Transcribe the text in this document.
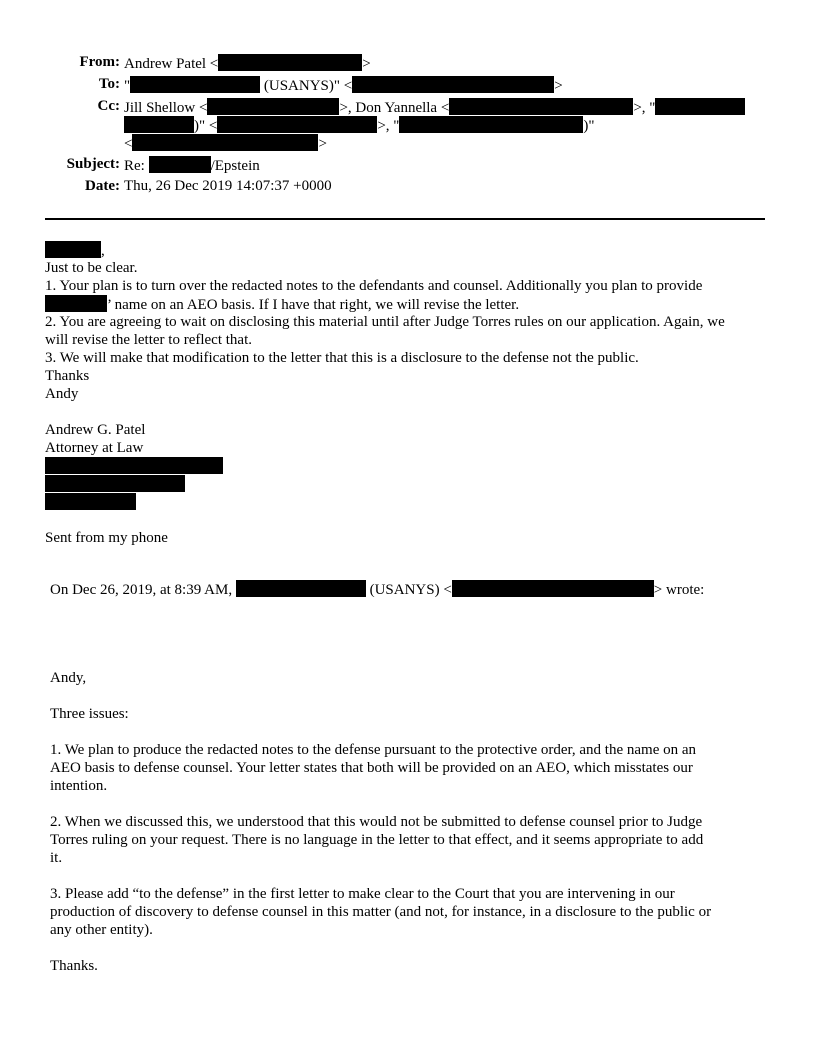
From: Andrew Patel <	>
To: "	(USANYS)" <	>
Cc: Jill Shellow <	>, Don Yannella <	>, "
)" <	>, "	)"
<	>
Subject: Re:	/Epstein
Date: Thu, 26 Dec 2019 14:07:37 +0000
,
Just to be clear.
1. Your plan is to turn over the redacted notes to the defendants and counsel. Additionally you plan to provide
’ name on an AEO basis. If I have that right, we will revise the letter.
2. You are agreeing to wait on disclosing this material until after Judge Torres rules on our application. Again, we
will revise the letter to reflect that.
3. We will make that modification to the letter that this is a disclosure to the defense not the public.
Thanks
Andy
Andrew G. Patel
Attorney at Law
Sent from my phone
On Dec 26, 2019, at 8:39 AM,	(USANYS) <	> wrote:
Andy,
Three issues:
1. We plan to produce the redacted notes to the defense pursuant to the protective order, and the name on an
AEO basis to defense counsel. Your letter states that both will be provided on an AEO, which misstates our
intention.
2. When we discussed this, we understood that this would not be submitted to defense counsel prior to Judge
Torres ruling on your request. There is no language in the letter to that effect, and it seems appropriate to add
it.
3. Please add “to the defense” in the first letter to make clear to the Court that you are intervening in our
production of discovery to defense counsel in this matter (and not, for instance, in a disclosure to the public or
any other entity).
Thanks.
